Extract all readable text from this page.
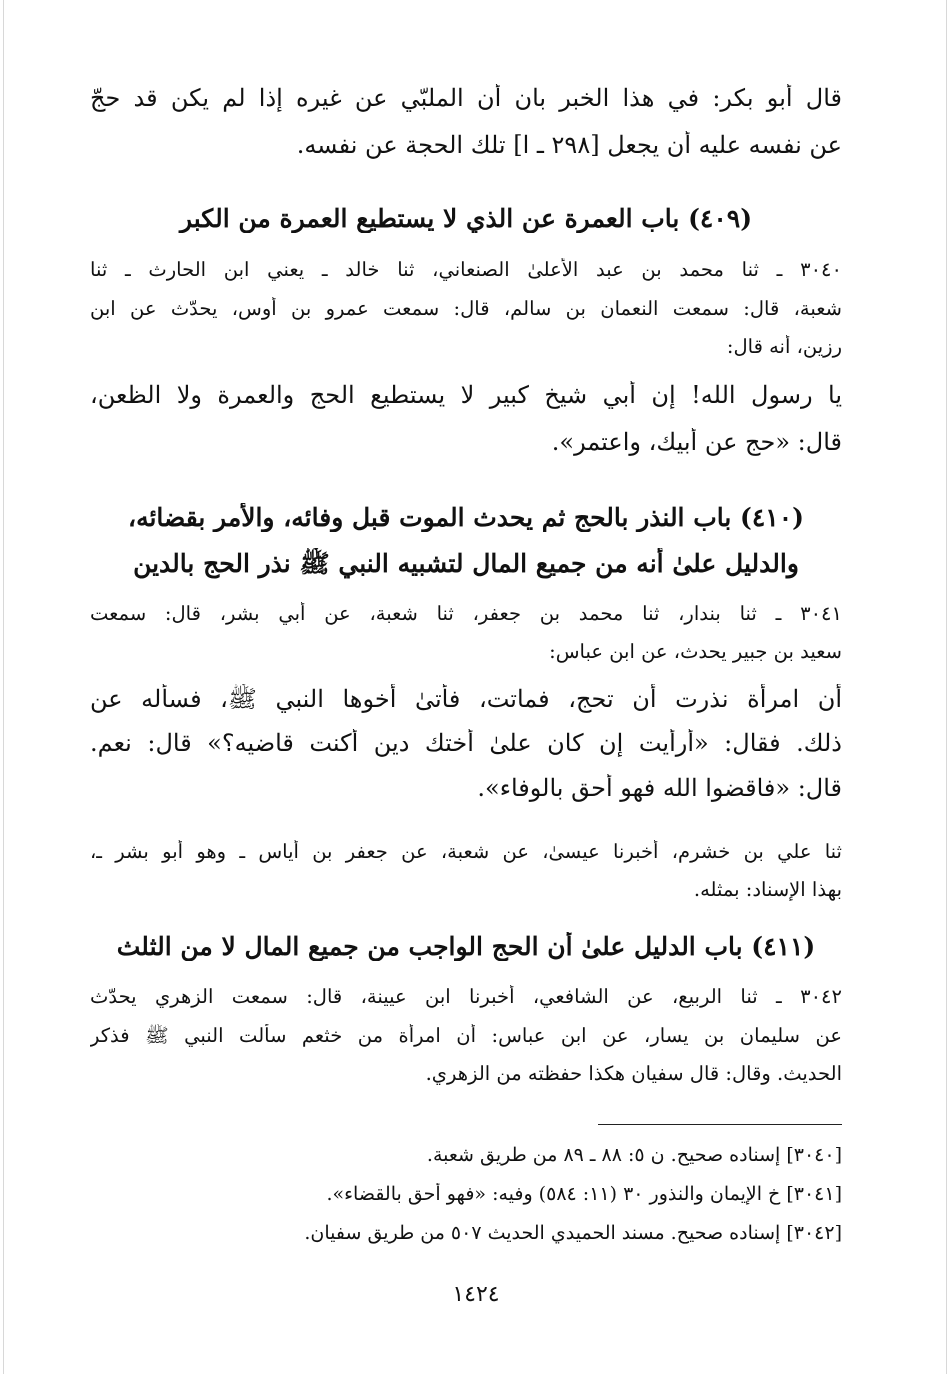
قال أبو بكر: في هذا الخبر بان أن الملبّي عن غيره إذا لم يكن قد حجّ
عن نفسه عليه أن يجعل [٢٩٨ ـ ا] تلك الحجة عن نفسه.
(٤٠٩) باب العمرة عن الذي لا يستطيع العمرة من الكبر
٣٠٤٠ ـ ثنا محمد بن عبد الأعلىٰ الصنعاني، ثنا خالد ـ يعني ابن الحارث ـ ثنا
شعبة، قال: سمعت النعمان بن سالم، قال: سمعت عمرو بن أوس، يحدّث عن ابن
رزين، أنه قال:
يا رسول الله! إن أبي شيخ كبير لا يستطيع الحج والعمرة ولا الظعن،
قال: «حج عن أبيك، واعتمر».
(٤١٠) باب النذر بالحج ثم يحدث الموت قبل وفائه، والأمر بقضائه،
والدليل علىٰ أنه من جميع المال لتشبيه النبي ﷺ نذر الحج بالدين
٣٠٤١ ـ ثنا بندار، ثنا محمد بن جعفر، ثنا شعبة، عن أبي بشر، قال: سمعت
سعيد بن جبير يحدث، عن ابن عباس:
أن امرأة نذرت أن تحج، فماتت، فأتىٰ أخوها النبي ﷺ، فسأله عن
ذلك. فقال: «أرأيت إن كان علىٰ أختك دين أكنت قاضيه؟» قال: نعم.
قال: «فاقضوا الله فهو أحق بالوفاء».
ثنا علي بن خشرم، أخبرنا عيسىٰ، عن شعبة، عن جعفر بن أياس ـ وهو أبو بشر ـ،
بهذا الإسناد: بمثله.
(٤١١) باب الدليل علىٰ أن الحج الواجب من جميع المال لا من الثلث
٣٠٤٢ ـ ثنا الربيع، عن الشافعي، أخبرنا ابن عيينة، قال: سمعت الزهري يحدّث
عن سليمان بن يسار، عن ابن عباس: أن امرأة من خثعم سألت النبي ﷺ فذكر
الحديث. وقال: قال سفيان هكذا حفظته من الزهري.
[٣٠٤٠] إسناده صحيح. ن ٥: ٨٨ ـ ٨٩ من طريق شعبة.
[٣٠٤١] خ الإيمان والنذور ٣٠ (١١: ٥٨٤) وفيه: «فهو أحق بالقضاء».
[٣٠٤٢] إسناده صحيح. مسند الحميدي الحديث ٥٠٧ من طريق سفيان.
١٤٢٤
